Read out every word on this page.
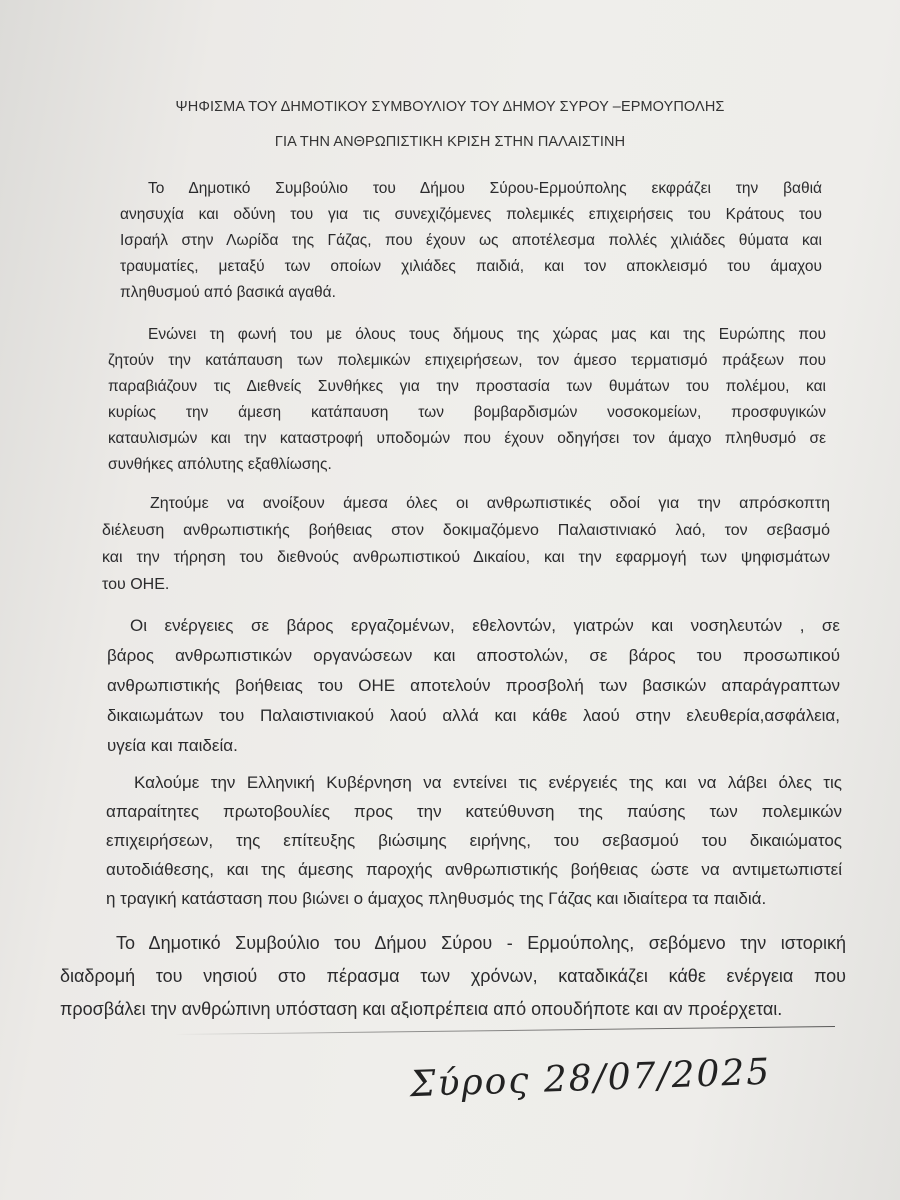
ΨΗΦΙΣΜΑ ΤΟΥ ΔΗΜΟΤΙΚΟΥ ΣΥΜΒΟΥΛΙΟΥ ΤΟΥ ΔΗΜΟΥ ΣΥΡΟΥ –ΕΡΜΟΥΠΟΛΗΣ
ΓΙΑ ΤΗΝ ΑΝΘΡΩΠΙΣΤΙΚΗ ΚΡΙΣΗ ΣΤΗΝ ΠΑΛΑΙΣΤΙΝΗ
Το Δημοτικό Συμβούλιο του Δήμου Σύρου-Ερμούπολης εκφράζει την βαθιά
ανησυχία και οδύνη του για τις συνεχιζόμενες πολεμικές επιχειρήσεις του Κράτους του
Ισραήλ στην Λωρίδα της Γάζας, που έχουν ως αποτέλεσμα πολλές χιλιάδες θύματα και
τραυματίες, μεταξύ των οποίων χιλιάδες παιδιά, και τον αποκλεισμό του άμαχου
πληθυσμού από βασικά αγαθά.
Ενώνει τη φωνή του με όλους τους δήμους της χώρας μας και της Ευρώπης που
ζητούν την κατάπαυση των πολεμικών επιχειρήσεων, τον άμεσο τερματισμό πράξεων που
παραβιάζουν τις Διεθνείς Συνθήκες για την προστασία των θυμάτων του πολέμου, και
κυρίως την άμεση κατάπαυση των βομβαρδισμών νοσοκομείων, προσφυγικών
καταυλισμών και την καταστροφή υποδομών που έχουν οδηγήσει τον άμαχο πληθυσμό σε
συνθήκες απόλυτης εξαθλίωσης.
Ζητούμε να ανοίξουν άμεσα όλες οι ανθρωπιστικές οδοί για την απρόσκοπτη
διέλευση ανθρωπιστικής βοήθειας στον δοκιμαζόμενο Παλαιστινιακό λαό, τον σεβασμό
και την τήρηση του διεθνούς ανθρωπιστικού Δικαίου, και την εφαρμογή των ψηφισμάτων
του ΟΗΕ.
Οι ενέργειες σε βάρος εργαζομένων, εθελοντών, γιατρών και νοσηλευτών , σε
βάρος ανθρωπιστικών οργανώσεων και αποστολών, σε βάρος του προσωπικού
ανθρωπιστικής βοήθειας του ΟΗΕ αποτελούν προσβολή των βασικών απαράγραπτων
δικαιωμάτων του Παλαιστινιακού λαού αλλά και κάθε λαού στην ελευθερία,ασφάλεια,
υγεία και παιδεία.
Καλούμε την Ελληνική Κυβέρνηση να εντείνει τις ενέργειές της και να λάβει όλες τις
απαραίτητες πρωτοβουλίες προς την κατεύθυνση της παύσης των πολεμικών
επιχειρήσεων, της επίτευξης βιώσιμης ειρήνης, του σεβασμού του δικαιώματος
αυτοδιάθεσης, και της άμεσης παροχής ανθρωπιστικής βοήθειας ώστε να αντιμετωπιστεί
η τραγική κατάσταση που βιώνει ο άμαχος πληθυσμός της Γάζας και ιδιαίτερα τα παιδιά.
Το Δημοτικό Συμβούλιο του Δήμου Σύρου - Ερμούπολης, σεβόμενο την ιστορική
διαδρομή του νησιού στο πέρασμα των χρόνων, καταδικάζει κάθε ενέργεια που
προσβάλει την ανθρώπινη υπόσταση και αξιοπρέπεια από οπουδήποτε και αν προέρχεται.
Σύρος 28/07/2025
